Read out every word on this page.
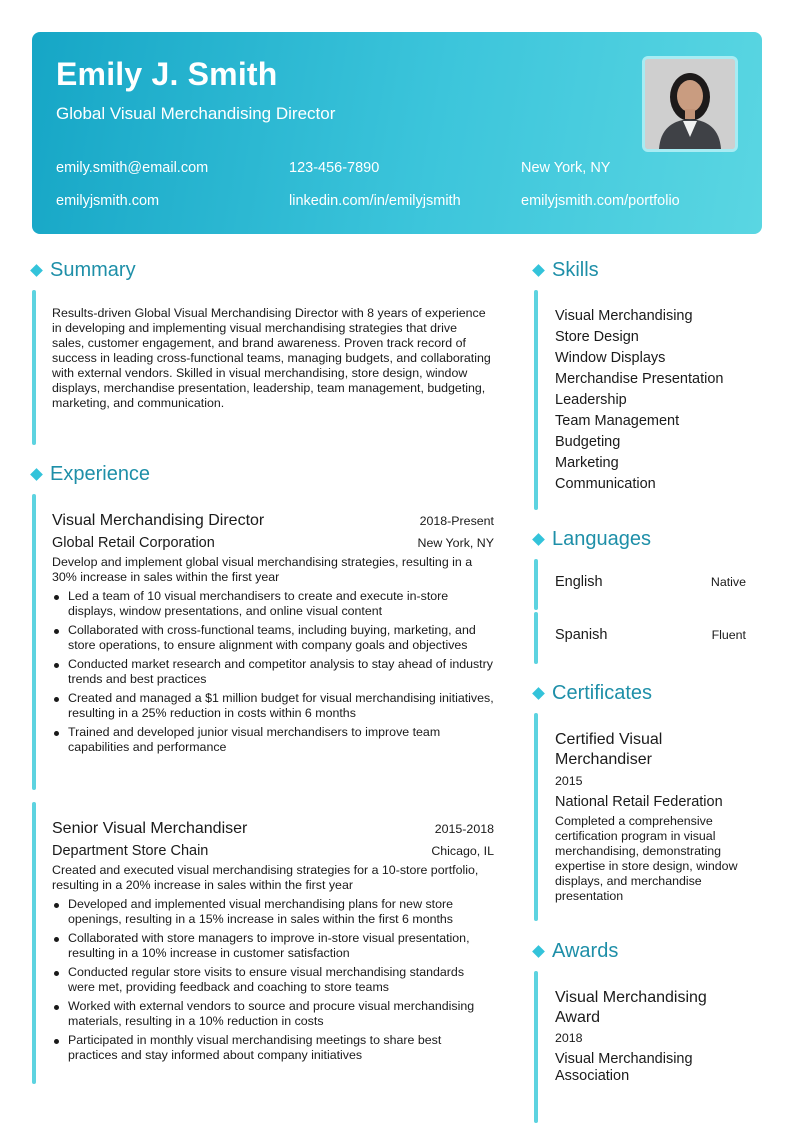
Emily J. Smith
Global Visual Merchandising Director
emily.smith@email.com	123-456-7890	New York, NY
emilyjsmith.com	linkedin.com/in/emilyjsmith	emilyjsmith.com/portfolio
Summary
Results-driven Global Visual Merchandising Director with 8 years of experience in developing and implementing visual merchandising strategies that drive sales, customer engagement, and brand awareness. Proven track record of success in leading cross-functional teams, managing budgets, and collaborating with external vendors. Skilled in visual merchandising, store design, window displays, merchandise presentation, leadership, team management, budgeting, marketing, and communication.
Experience
Visual Merchandising Director	2018-Present
Global Retail Corporation	New York, NY
Develop and implement global visual merchandising strategies, resulting in a 30% increase in sales within the first year
Led a team of 10 visual merchandisers to create and execute in-store displays, window presentations, and online visual content
Collaborated with cross-functional teams, including buying, marketing, and store operations, to ensure alignment with company goals and objectives
Conducted market research and competitor analysis to stay ahead of industry trends and best practices
Created and managed a $1 million budget for visual merchandising initiatives, resulting in a 25% reduction in costs within 6 months
Trained and developed junior visual merchandisers to improve team capabilities and performance
Senior Visual Merchandiser	2015-2018
Department Store Chain	Chicago, IL
Created and executed visual merchandising strategies for a 10-store portfolio, resulting in a 20% increase in sales within the first year
Developed and implemented visual merchandising plans for new store openings, resulting in a 15% increase in sales within the first 6 months
Collaborated with store managers to improve in-store visual presentation, resulting in a 10% increase in customer satisfaction
Conducted regular store visits to ensure visual merchandising standards were met, providing feedback and coaching to store teams
Worked with external vendors to source and procure visual merchandising materials, resulting in a 10% reduction in costs
Participated in monthly visual merchandising meetings to share best practices and stay informed about company initiatives
Skills
Visual Merchandising
Store Design
Window Displays
Merchandise Presentation
Leadership
Team Management
Budgeting
Marketing
Communication
Languages
English	Native
Spanish	Fluent
Certificates
Certified Visual Merchandiser
2015
National Retail Federation
Completed a comprehensive certification program in visual merchandising, demonstrating expertise in store design, window displays, and merchandise presentation
Awards
Visual Merchandising Award
2018
Visual Merchandising Association
